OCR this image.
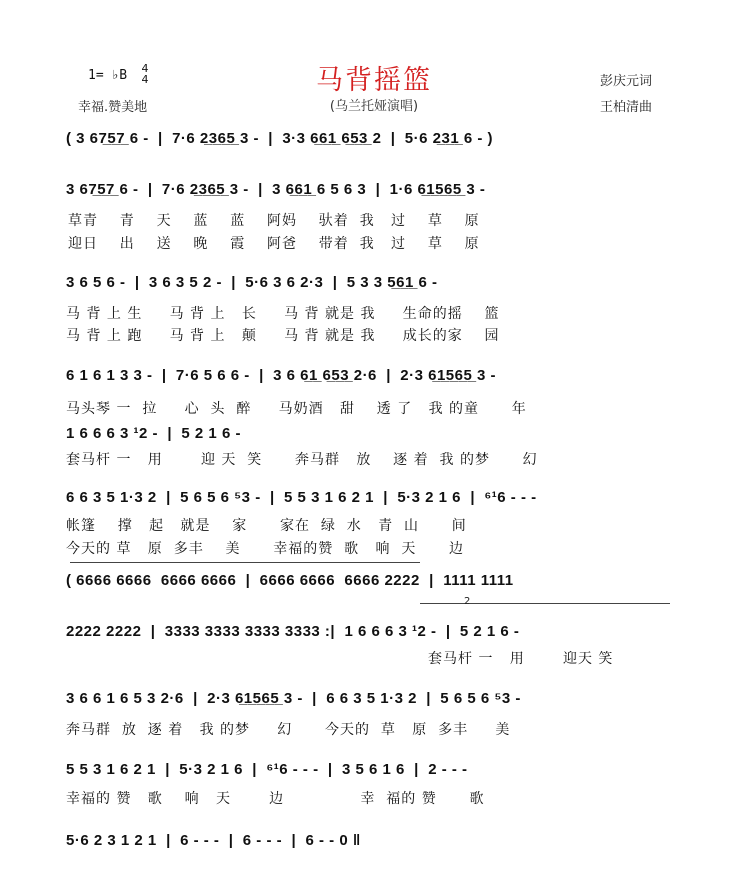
马背摇篮
(乌兰托娅演唱)
1= ♭B 4
4
幸福.赞美地
彭庆元词
王柏清曲
( 3 67̲5̲7̲ 6 -  |  7·6 2̲3̲6̲5̲ 3 -  |  3·3 6̲6̲1̲ 6̲5̲3̲ 2  |  5·6 2̲3̲1̲ 6 - )
3 67̲5̲7̲ 6 -  |  7·6 2̲3̲6̲5̲ 3 -  |  3 6̲6̲1̲ 6 5 6 3  |  1·6 6̲1̲5̲6̲5̲ 3 -
草青    青    天    蓝    蓝    阿妈    驮着  我   过    草    原
迎日    出    送    晚    霞    阿爸    带着  我   过    草    原
3 6 5 6 -  |  3 6 3 5 2 -  |  5·6 3 6 2·3  |  5 3 3 5̲6̲1̲ 6 -
马 背 上 生     马 背 上   长     马 背 就是 我     生命的摇    篮
马 背 上 跑     马 背 上   颠     马 背 就是 我     成长的家    园
6 1 6 1 3 3 -  |  7·6 5 6 6 -  |  3 6 6̲1̲ 6̲5̲3̲ 2·6  |  2·3 6̲1̲5̲6̲5̲ 3 -
马头琴 一  拉     心  头  醉     马奶酒   甜    透 了   我 的童      年
1 6 6 6 3 ¹2 -  |  5 2 1 6 -
套马杆 一   用       迎 天  笑      奔马群   放    逐 着  我 的梦      幻
6 6 3 5 1·3 2  |  5 6 5 6 ⁵3 -  |  5 5 3 1 6 2 1  |  5·3 2 1 6  |  ⁶¹6 - - -
帐篷    撑   起   就是    家      家在  绿  水   青  山      间
今天的 草   原  多丰    美      幸福的赞  歌   响  天      边
( 6666 6666  6666 6666  |  6666 6666  6666 2222  |  1111 1111
2
2222 2222  |  3333 3333 3333 3333 :|  1 6 6 6 3 ¹2 -  |  5 2 1 6 -
套马杆 一   用       迎天 笑
3 6 6 1 6 5 3 2·6  |  2·3 6̲1̲5̲6̲5̲ 3 -  |  6 6 3 5 1·3 2  |  5 6 5 6 ⁵3 -
奔马群  放  逐 着   我 的梦     幻      今天的  草   原  多丰     美
5 5 3 1 6 2 1  |  5·3 2 1 6  |  ⁶¹6 - - -  |  3 5 6 1 6  |  2 - - -
幸福的 赞   歌    响   天       边              幸  福的 赞      歌
5·6 2 3 1 2 1  |  6 - - -  |  6 - - -  |  6 - - 0 ‖
